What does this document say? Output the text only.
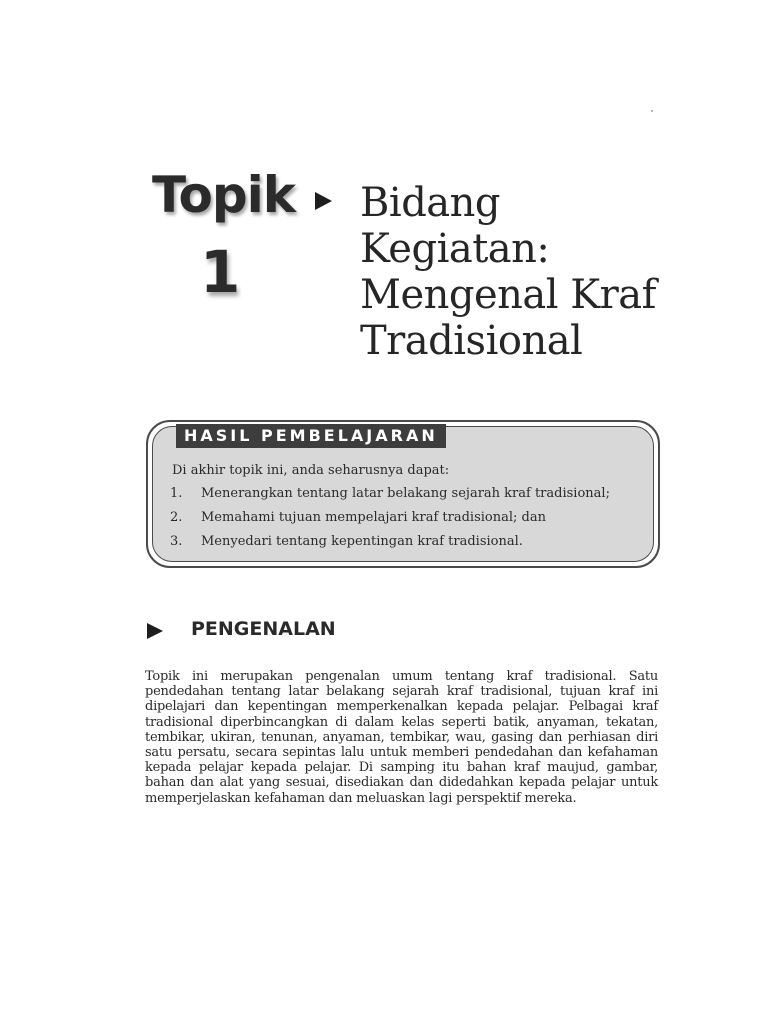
Topik
1
Bidang
Kegiatan:
Mengenal Kraf
Tradisional
HASIL PEMBELAJARAN
Di akhir topik ini, anda seharusnya dapat:
1. Menerangkan tentang latar belakang sejarah kraf tradisional;
2. Memahami tujuan mempelajari kraf tradisional; dan
3. Menyedari tentang kepentingan kraf tradisional.
PENGENALAN

Topik ini merupakan pengenalan umum tentang kraf tradisional. Satu pendedahan tentang latar belakang sejarah kraf tradisional, tujuan kraf ini dipelajari dan kepentingan memperkenalkan kepada pelajar. Pelbagai kraf tradisional diperbincangkan di dalam kelas seperti batik, anyaman, tekatan, tembikar, ukiran, tenunan, anyaman, tembikar, wau, gasing dan perhiasan diri satu persatu, secara sepintas lalu untuk memberi pendedahan dan kefahaman kepada pelajar kepada pelajar. Di samping itu bahan kraf maujud, gambar, bahan dan alat yang sesuai, disediakan dan didedahkan kepada pelajar untuk memperjelaskan kefahaman dan meluaskan lagi perspektif mereka.
